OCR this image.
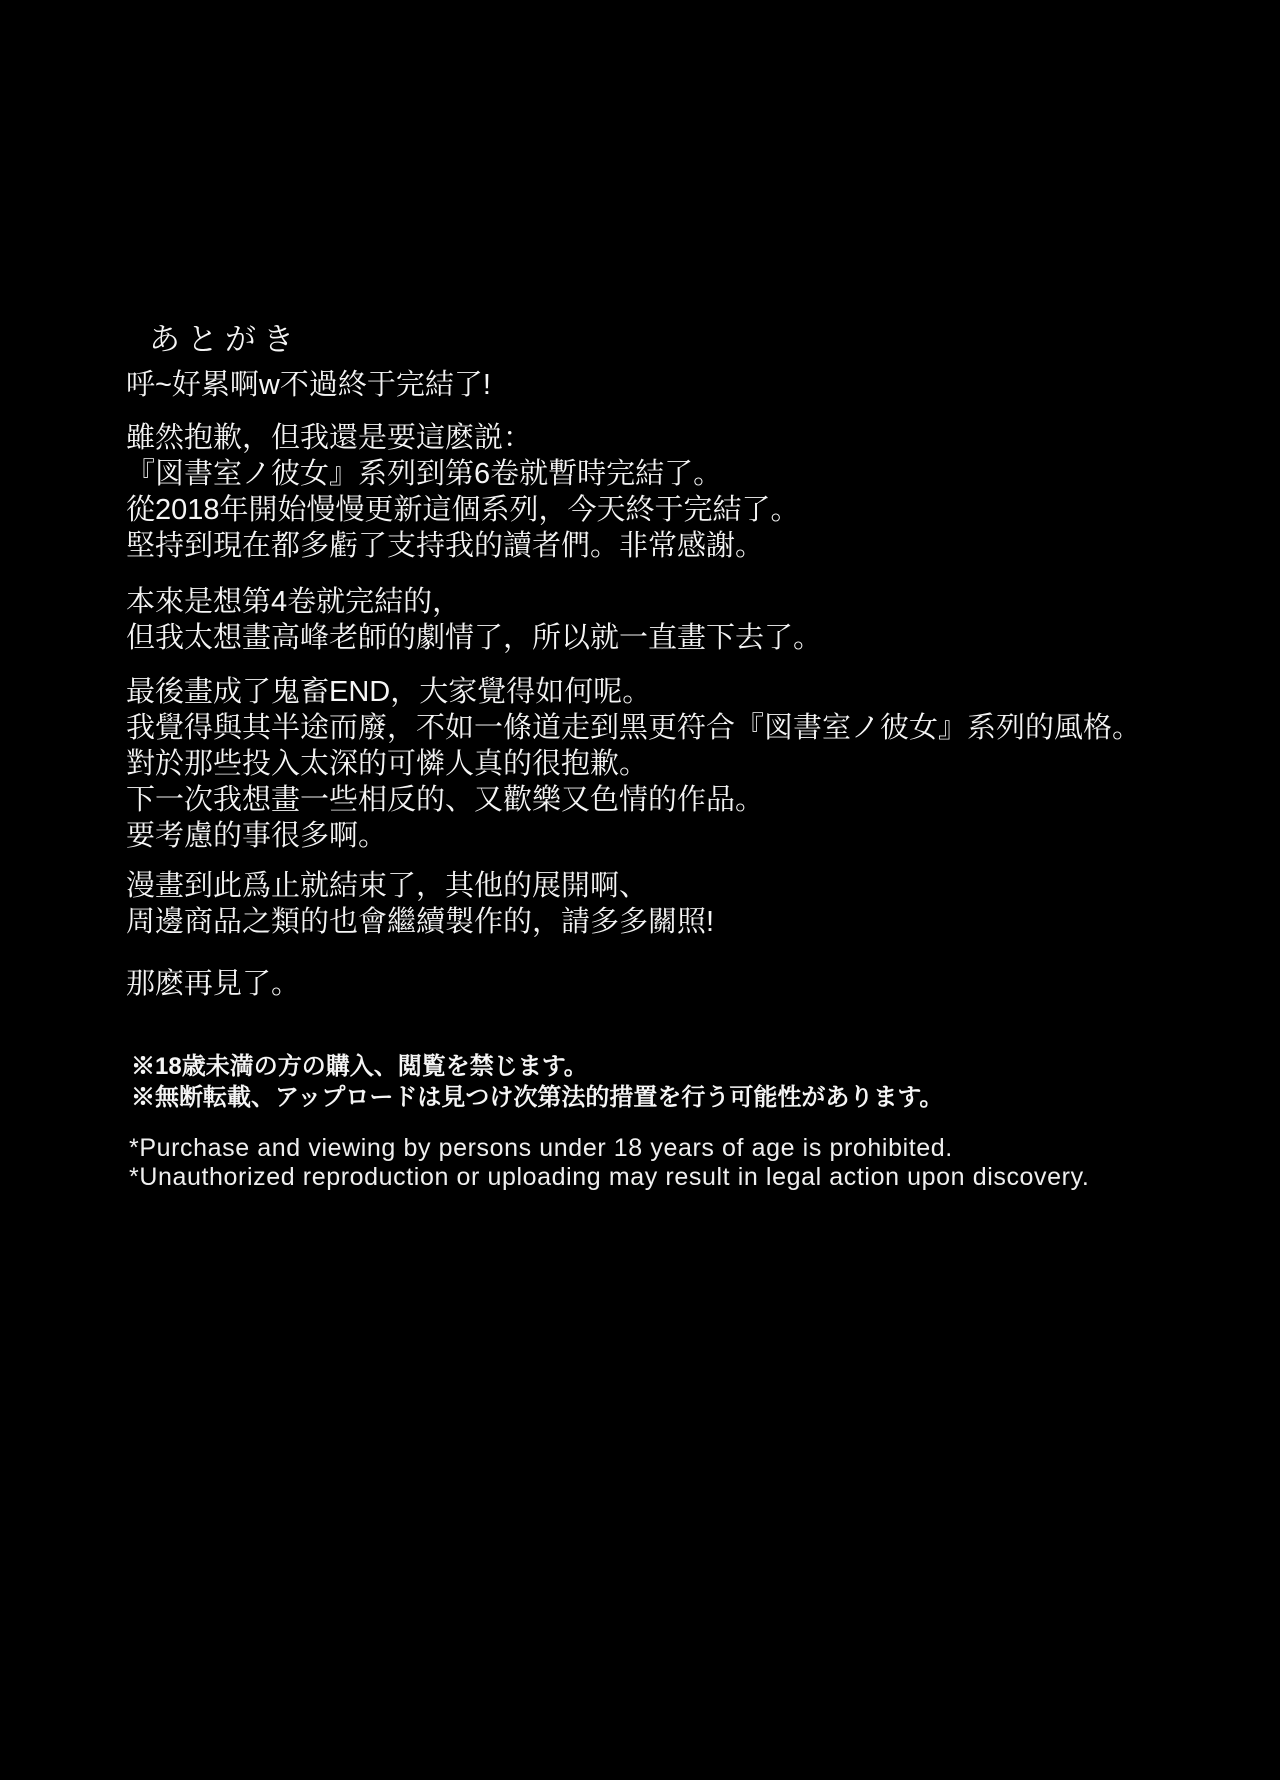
あとがき
呼~好累啊w不過終于完結了!
雖然抱歉，但我還是要這麽説：
『図書室ノ彼女』系列到第6卷就暫時完結了。
從2018年開始慢慢更新這個系列，今天終于完結了。
堅持到現在都多虧了支持我的讀者們。非常感謝。
本來是想第4卷就完結的，
但我太想畫高峰老師的劇情了，所以就一直畫下去了。
最後畫成了鬼畜END，大家覺得如何呢。
我覺得與其半途而廢，不如一條道走到黑更符合『図書室ノ彼女』系列的風格。
對於那些投入太深的可憐人真的很抱歉。
下一次我想畫一些相反的、又歡樂又色情的作品。
要考慮的事很多啊。
漫畫到此爲止就結束了，其他的展開啊、
周邊商品之類的也會繼續製作的，請多多關照!
那麽再見了。
※18歳未満の方の購入、閲覧を禁じます。
※無断転載、アップロードは見つけ次第法的措置を行う可能性があります。
*Purchase and viewing by persons under 18 years of age is prohibited.
*Unauthorized reproduction or uploading may result in legal action upon discovery.
